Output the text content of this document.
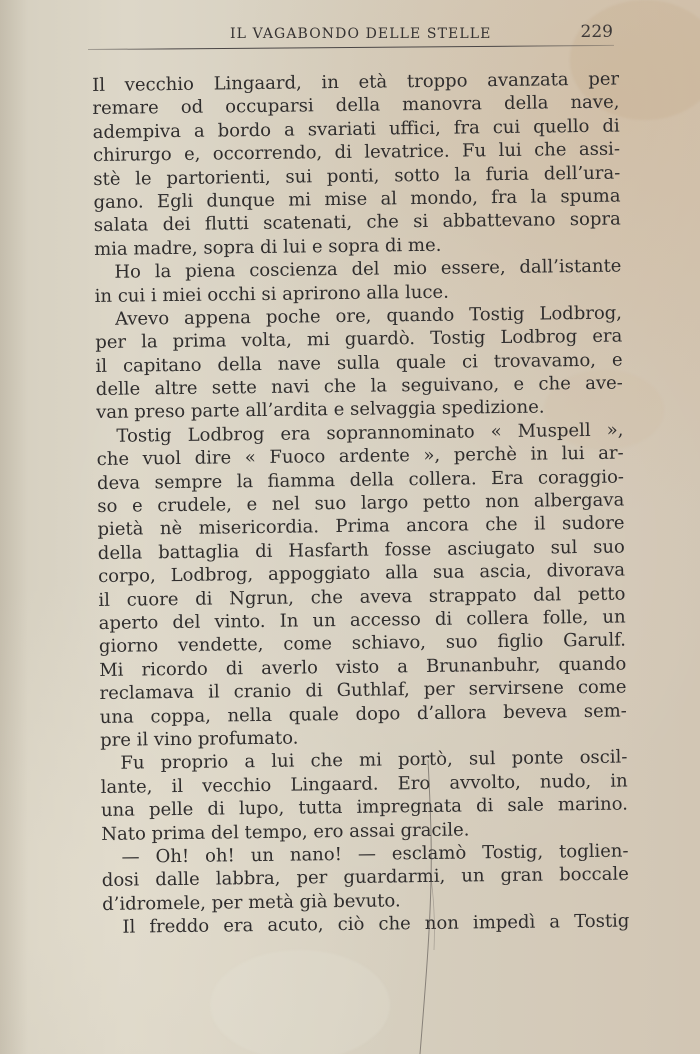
IL VAGABONDO DELLE STELLE	229
Il vecchio Lingaard, in età troppo avanzata per
remare od occuparsi della manovra della nave,
adempiva a bordo a svariati uffici, fra cui quello di
chirurgo e, occorrendo, di levatrice. Fu lui che assi-
stè le partorienti, sui ponti, sotto la furia dell’ura-
gano. Egli dunque mi mise al mondo, fra la spuma
salata dei flutti scatenati, che si abbattevano sopra
mia madre, sopra di lui e sopra di me.
Ho la piena coscienza del mio essere, dall’istante
in cui i miei occhi si aprirono alla luce.
Avevo appena poche ore, quando Tostig Lodbrog,
per la prima volta, mi guardò. Tostig Lodbrog era
il capitano della nave sulla quale ci trovavamo, e
delle altre sette navi che la seguivano, e che ave-
van preso parte all’ardita e selvaggia spedizione.
Tostig Lodbrog era soprannominato « Muspell »,
che vuol dire « Fuoco ardente », perchè in lui ar-
deva sempre la fiamma della collera. Era coraggio-
so e crudele, e nel suo largo petto non albergava
pietà nè misericordia. Prima ancora che il sudore
della battaglia di Hasfarth fosse asciugato sul suo
corpo, Lodbrog, appoggiato alla sua ascia, divorava
il cuore di Ngrun, che aveva strappato dal petto
aperto del vinto. In un accesso di collera folle, un
giorno vendette, come schiavo, suo figlio Garulf.
Mi ricordo di averlo visto a Brunanbuhr, quando
reclamava il cranio di Guthlaf, per servirsene come
una coppa, nella quale dopo d’allora beveva sem-
pre il vino profumato.
Fu proprio a lui che mi portò, sul ponte oscil-
lante, il vecchio Lingaard. Ero avvolto, nudo, in
una pelle di lupo, tutta impregnata di sale marino.
Nato prima del tempo, ero assai gracile.
— Oh! oh! un nano! — esclamò Tostig, toglien-
dosi dalle labbra, per guardarmi, un gran boccale
d’idromele, per metà già bevuto.
Il freddo era acuto, ciò che non impedì a Tostig
